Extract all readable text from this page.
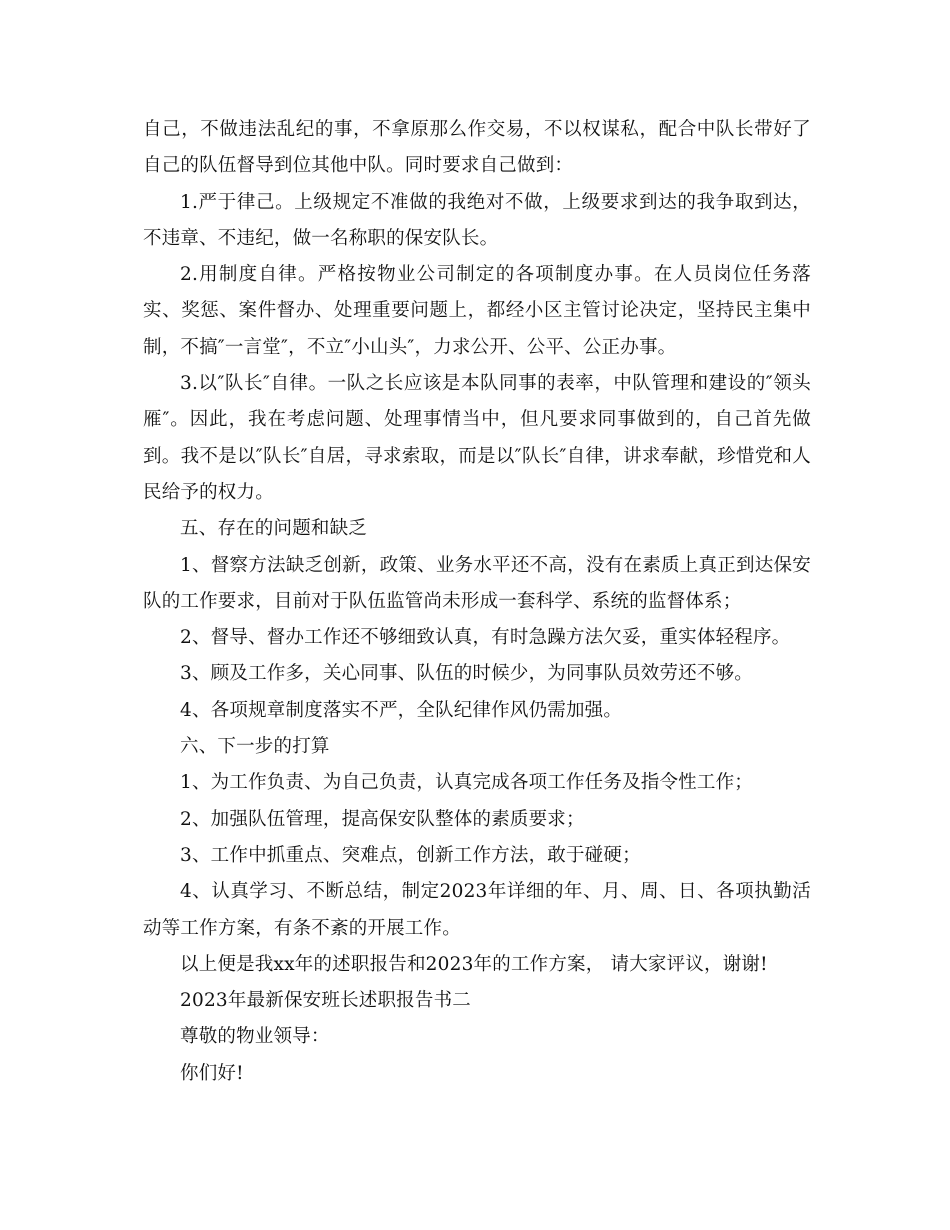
自己，不做违法乱纪的事，不拿原那么作交易，不以权谋私，配合中队长带好了自己的队伍督导到位其他中队。同时要求自己做到：

1.严于律己。上级规定不准做的我绝对不做，上级要求到达的我争取到达，不违章、不违纪，做一名称职的保安队长。

2.用制度自律。严格按物业公司制定的各项制度办事。在人员岗位任务落实、奖惩、案件督办、处理重要问题上，都经小区主管讨论决定，坚持民主集中制，不搞″一言堂″，不立″小山头″，力求公开、公平、公正办事。

3.以″队长″自律。一队之长应该是本队同事的表率，中队管理和建设的″领头雁″。因此，我在考虑问题、处理事情当中，但凡要求同事做到的，自己首先做到。我不是以″队长″自居，寻求索取，而是以″队长″自律，讲求奉献，珍惜党和人民给予的权力。

五、存在的问题和缺乏

1、督察方法缺乏创新，政策、业务水平还不高，没有在素质上真正到达保安队的工作要求，目前对于队伍监管尚未形成一套科学、系统的监督体系；

2、督导、督办工作还不够细致认真，有时急躁方法欠妥，重实体轻程序。

3、顾及工作多，关心同事、队伍的时候少，为同事队员效劳还不够。

4、各项规章制度落实不严，全队纪律作风仍需加强。

六、下一步的打算

1、为工作负责、为自己负责，认真完成各项工作任务及指令性工作；

2、加强队伍管理，提高保安队整体的素质要求；

3、工作中抓重点、突难点，创新工作方法，敢于碰硬；

4、认真学习、不断总结，制定2023年详细的年、月、周、日、各项执勤活动等工作方案，有条不紊的开展工作。

以上便是我xx年的述职报告和2023年的工作方案， 请大家评议，谢谢!

2023年最新保安班长述职报告书二

尊敬的物业领导：

你们好!
